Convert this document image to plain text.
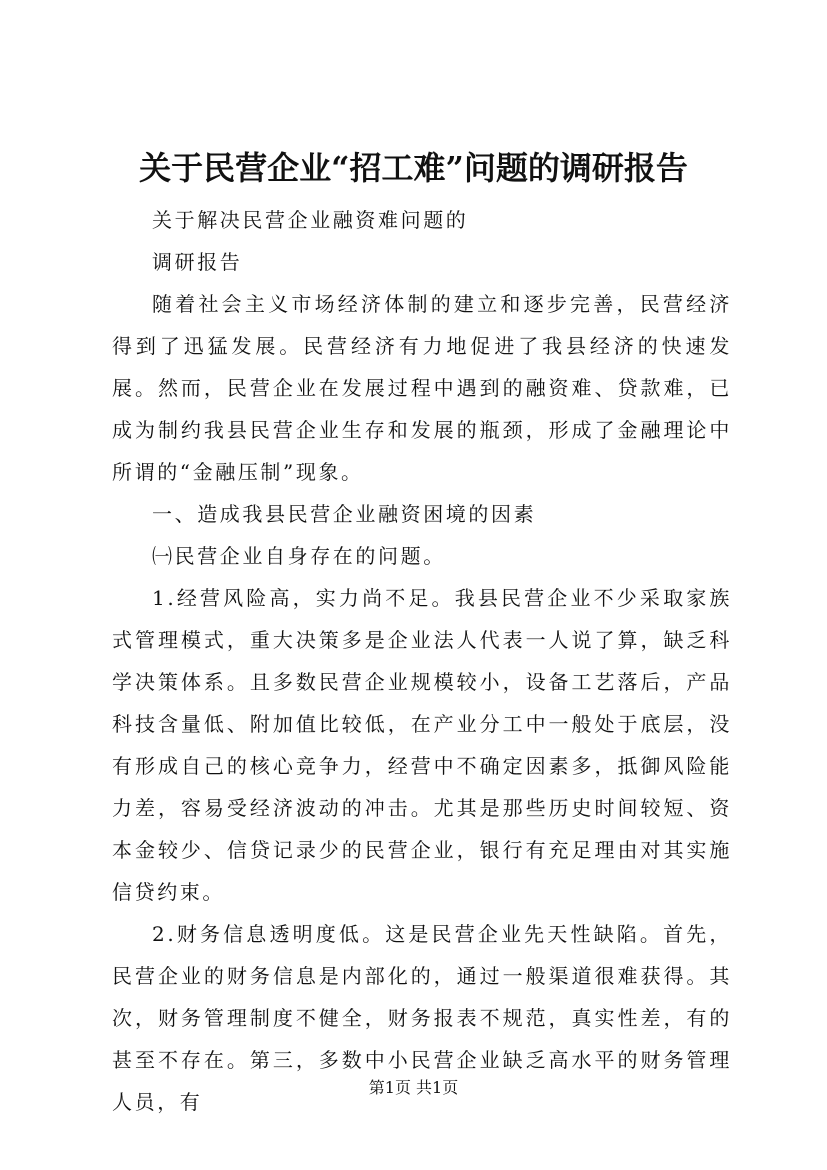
关于民营企业“招工难”问题的调研报告

关于解决民营企业融资难问题的

调研报告

随着社会主义市场经济体制的建立和逐步完善，民营经济得到了迅猛发展。民营经济有力地促进了我县经济的快速发展。然而，民营企业在发展过程中遇到的融资难、贷款难，已成为制约我县民营企业生存和发展的瓶颈，形成了金融理论中所谓的“金融压制”现象。

一、造成我县民营企业融资困境的因素

㈠民营企业自身存在的问题。

1.经营风险高，实力尚不足。我县民营企业不少采取家族式管理模式，重大决策多是企业法人代表一人说了算，缺乏科学决策体系。且多数民营企业规模较小，设备工艺落后，产品科技含量低、附加值比较低，在产业分工中一般处于底层，没有形成自己的核心竞争力，经营中不确定因素多，抵御风险能力差，容易受经济波动的冲击。尤其是那些历史时间较短、资本金较少、信贷记录少的民营企业，银行有充足理由对其实施信贷约束。

2.财务信息透明度低。这是民营企业先天性缺陷。首先，民营企业的财务信息是内部化的，通过一般渠道很难获得。其次，财务管理制度不健全，财务报表不规范，真实性差，有的甚至不存在。第三，多数中小民营企业缺乏高水平的财务管理人员，有

第1页 共1页
